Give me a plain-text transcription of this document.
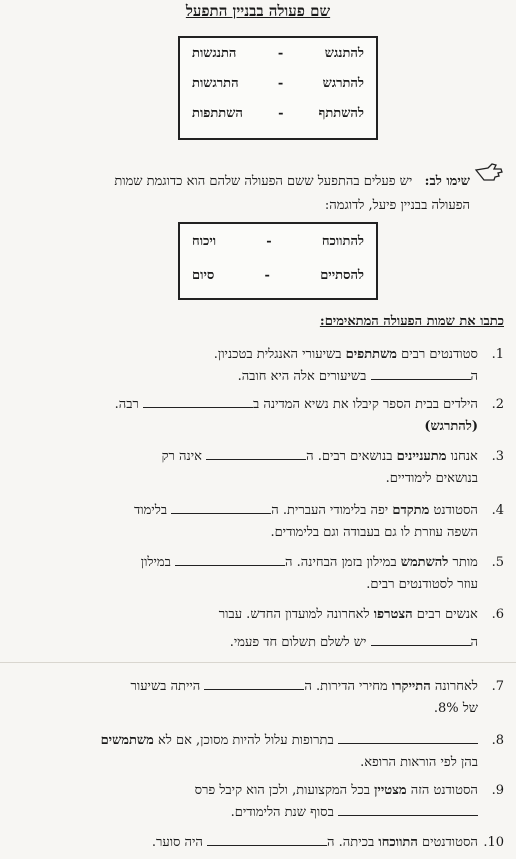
שם פעולה בבניין התפעל
להתנגש
-
התנגשות
להתרגש
-
התרגשות
להשתתף
-
השתתפות
שימו לב:   יש פעלים בהתפעל ששם הפעולה שלהם הוא כדוגמת שמות
הפעולה בבניין פיעל, לדוגמה:
להתווכח
-
ויכוח
להסתיים
-
סיום
כתבו את שמות הפעולה המתאימים:
1. סטודנטים רבים משתתפים בשיעורי האנגלית בטכניון.
ה בשיעורים אלה היא חובה.
2. הילדים בבית הספר קיבלו את נשיא המדינה ב רבה.
(להתרגש)
3. אנחנו מתעניינים בנושאים רבים. ה אינה רק
בנושאים לימודיים.
4. הסטודנט מתקדם יפה בלימודי העברית. ה בלימוד
השפה עוזרת לו גם בעבודה וגם בלימודים.
5. מותר להשתמש במילון בזמן הבחינה. ה במילון
עוזר לסטודנטים רבים.
6. אנשים רבים הצטרפו לאחרונה למועדון החדש. עבור
ה יש לשלם תשלום חד פעמי.
7. לאחרונה התייקרו מחירי הדירות. ה הייתה בשיעור
של 8%.
8.  בתרופות עלול להיות מסוכן, אם לא משתמשים
בהן לפי הוראות הרופא.
9. הסטודנט הזה מצטיין בכל המקצועות, ולכן הוא קיבל פרס
בסוף שנת הלימודים.
10. הסטודנטים התווכחו בכיתה. ה היה סוער.
